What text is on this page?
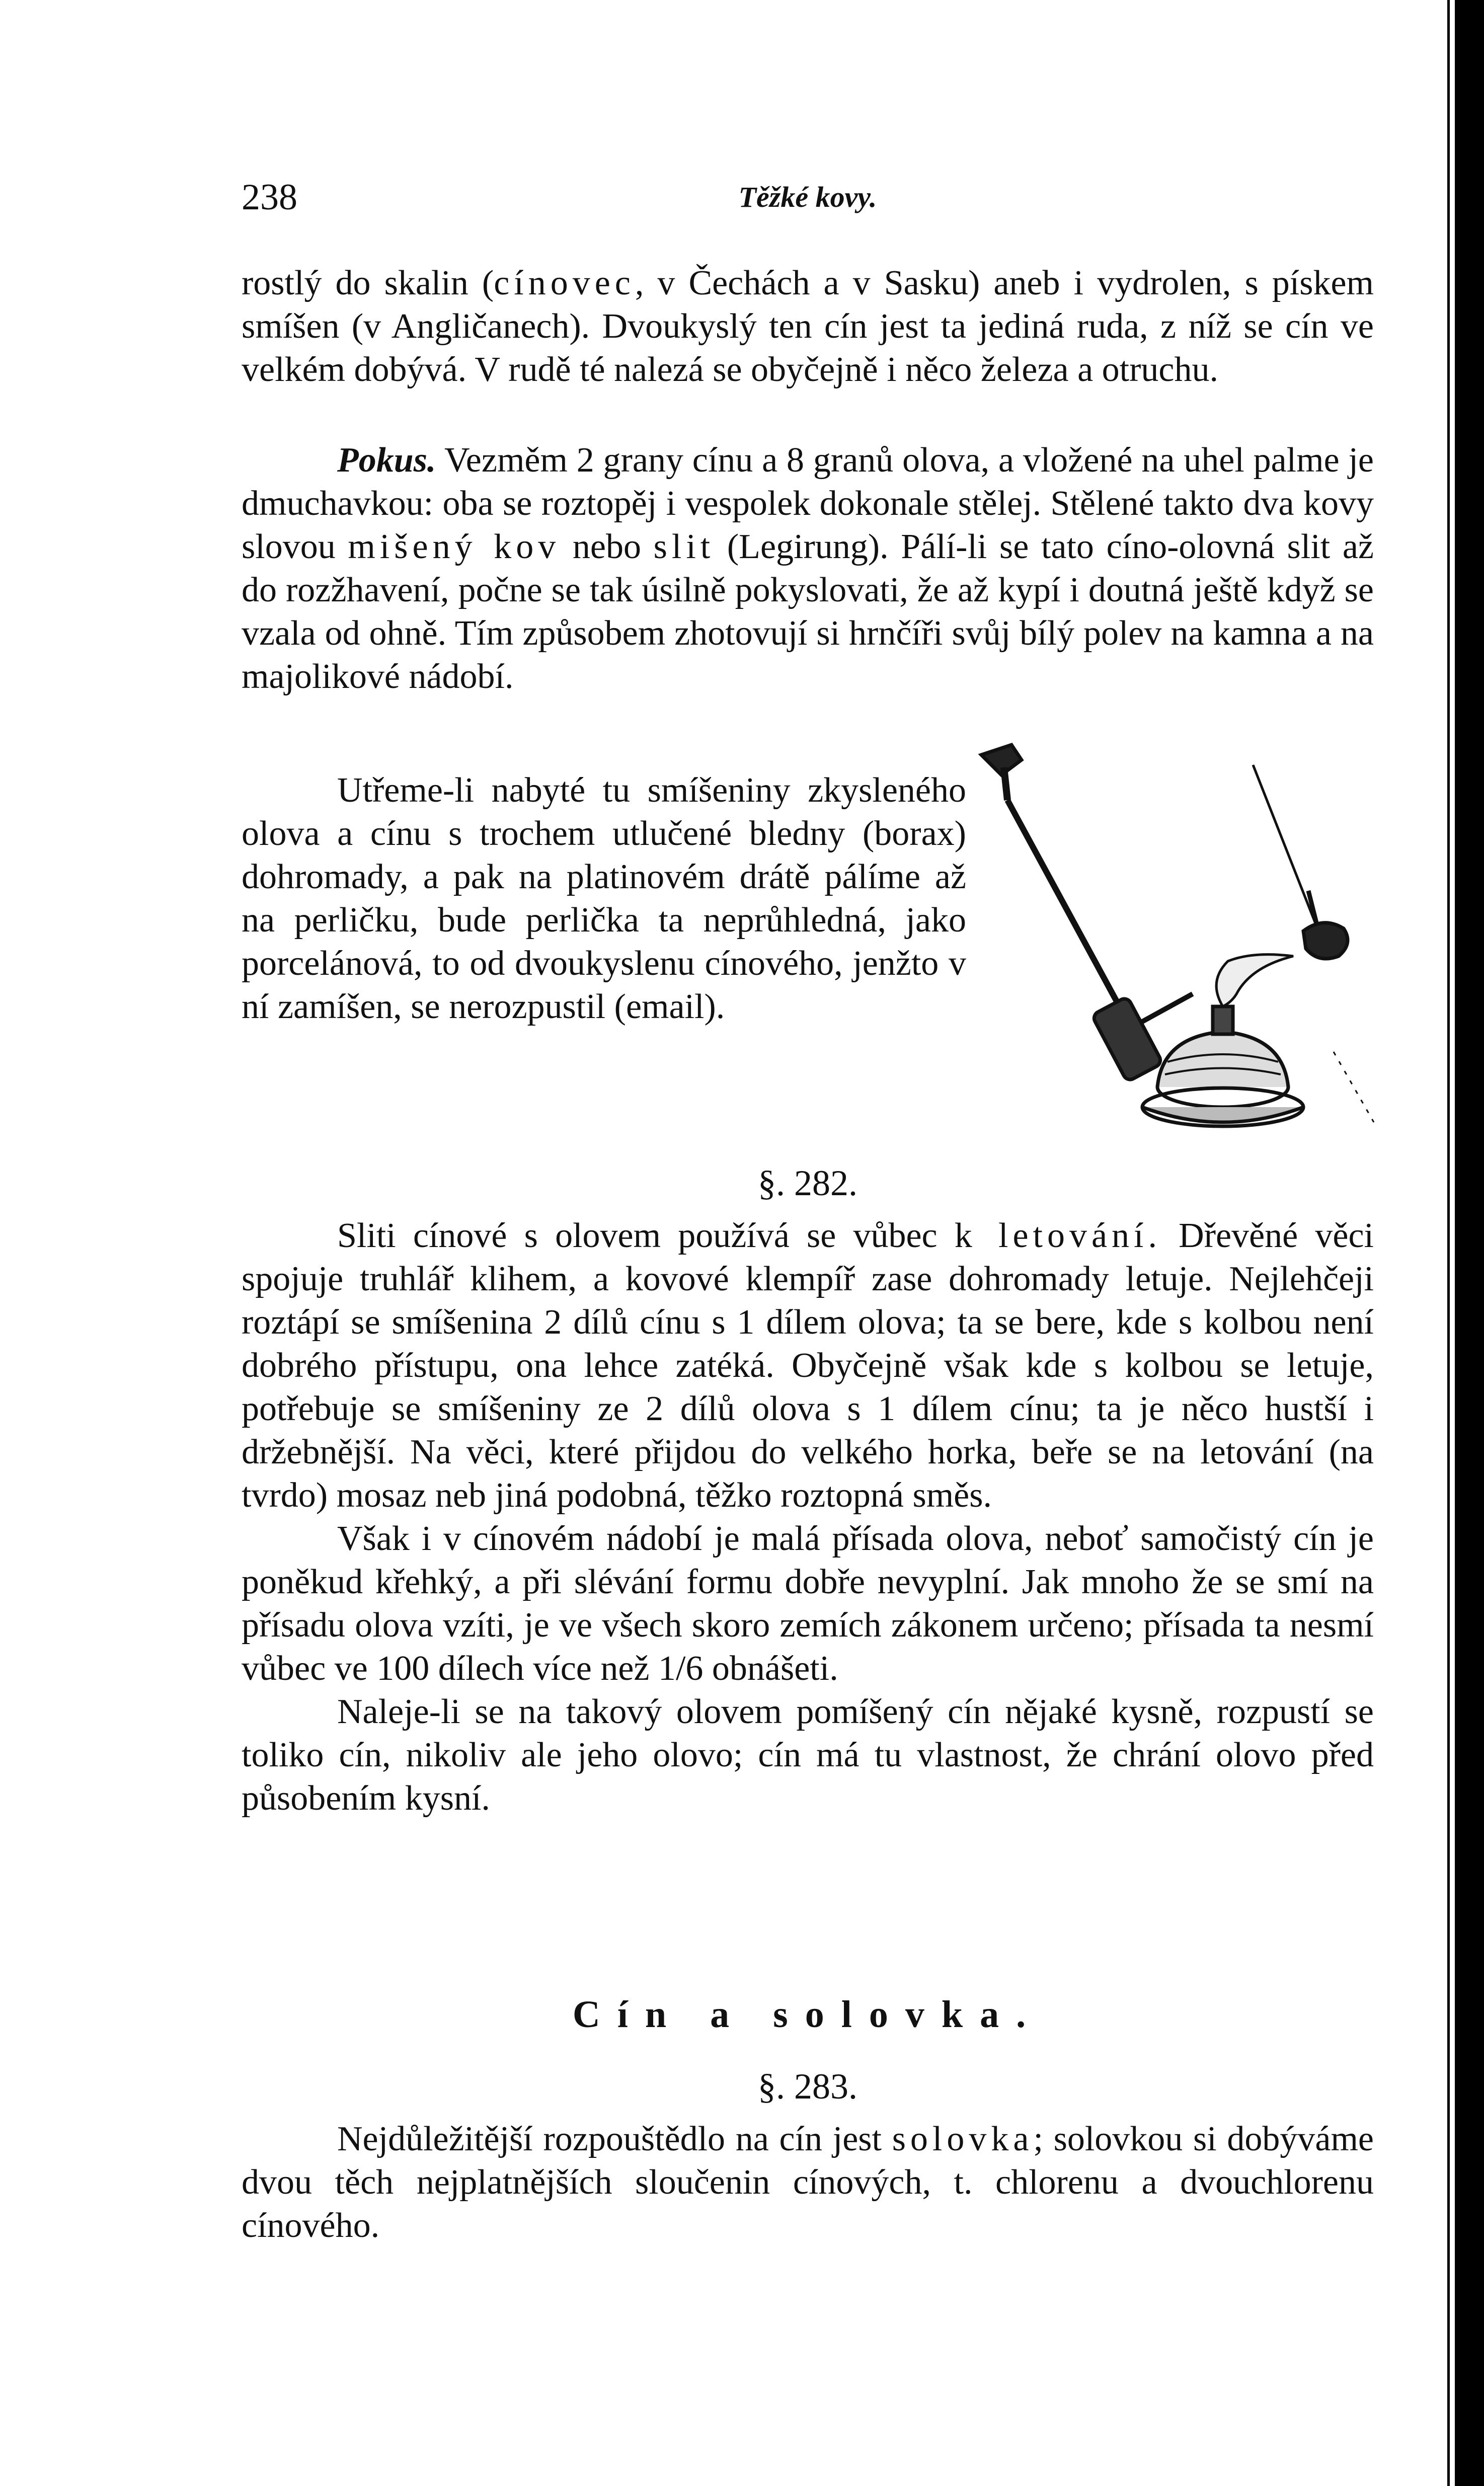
238	Těžké kovy.

rostlý do skalin (cínovec, v Čechách a v Sasku) aneb i vydrolen, s pískem smíšen (v Angličanech). Dvoukyslý ten cín jest ta jediná ruda, z níž se cín ve velkém dobývá. V rudě té nalezá se obyčejně i něco železa a otruchu.

Pokus. Vezměm 2 grany cínu a 8 granů olova, a vložené na uhel palme je dmuchavkou: oba se roztopěj i vespolek dokonale stělej. Stělené takto dva kovy slovou mišený kov nebo slit (Legirung). Pálí-li se tato cíno-olovná slit až do rozžhavení, počne se tak úsilně pokyslovati, že až kypí i doutná ještě když se vzala od ohně. Tím způsobem zhotovují si hrnčíři svůj bílý polev na kamna a na majolikové nádobí.

Utřeme-li nabyté tu smíšeniny zkysleného olova a cínu s trochem utlučené bledny (borax) dohromady, a pak na platinovém drátě pálíme až na perličku, bude perlička ta neprůhledná, jako porcelánová, to od dvoukyslenu cínového, jenžto v ní zamíšen, se nerozpustil (email).

§. 282.

Sliti cínové s olovem používá se vůbec k letování. Dřevěné věci spojuje truhlář klihem, a kovové klempíř zase dohromady letuje. Nejlehčeji roztápí se smíšenina 2 dílů cínu s 1 dílem olova; ta se bere, kde s kolbou není dobrého přístupu, ona lehce zatéká. Obyčejně však kde s kolbou se letuje, potřebuje se smíšeniny ze 2 dílů olova s 1 dílem cínu; ta je něco hustší i držebnější. Na věci, které přijdou do velkého horka, beře se na letování (na tvrdo) mosaz neb jiná podobná, těžko roztopná směs.

Však i v cínovém nádobí je malá přísada olova, neboť samočistý cín je poněkud křehký, a při slévání formu dobře nevyplní. Jak mnoho že se smí na přísadu olova vzíti, je ve všech skoro zemích zákonem určeno; přísada ta nesmí vůbec ve 100 dílech více než 1/6 obnášeti.

Naleje-li se na takový olovem pomíšený cín nějaké kysně, rozpustí se toliko cín, nikoliv ale jeho olovo; cín má tu vlastnost, že chrání olovo před působením kysní.

Cín a solovka.

§. 283.

Nejdůležitější rozpouštědlo na cín jest solovka; solovkou si dobýváme dvou těch nejplatnějších sloučenin cínových, t. chlorenu a dvouchlorenu cínového.
